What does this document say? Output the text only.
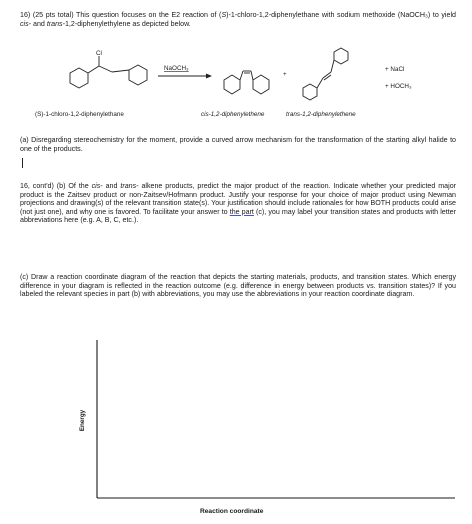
16) (25 pts total) This question focuses on the E2 reaction of (S)-1-chloro-1,2-diphenylethane with sodium methoxide (NaOCH₃) to yield cis- and trans-1,2-diphenylethylene as depicted below.

Cl
NaOCH₃
+
+ NaCl
+ HOCH₃
(S)-1-chloro-1,2-diphenylethane	cis-1,2-diphenylethene	trans-1,2-diphenylethene

(a) Disregarding stereochemistry for the moment, provide a curved arrow mechanism for the transformation of the starting alkyl halide to one of the products.

16, cont'd) (b) Of the cis- and trans- alkene products, predict the major product of the reaction. Indicate whether your predicted major product is the Zaitsev product or non-Zaitsev/Hofmann product. Justify your response for your choice of major product using Newman projections and drawing(s) of the relevant transition state(s). Your justification should include rationales for how BOTH products could arise (not just one), and why one is favored. To facilitate your answer to the part (c), you may label your transition states and products with letter abbreviations here (e.g. A, B, C, etc.).

(c) Draw a reaction coordinate diagram of the reaction that depicts the starting materials, products, and transition states. Which energy difference in your diagram is reflected in the reaction outcome (e.g. difference in energy between products vs. transition states)? If you labeled the relevant species in part (b) with abbreviations, you may use the abbreviations in your reaction coordinate diagram.

Energy
Reaction coordinate
